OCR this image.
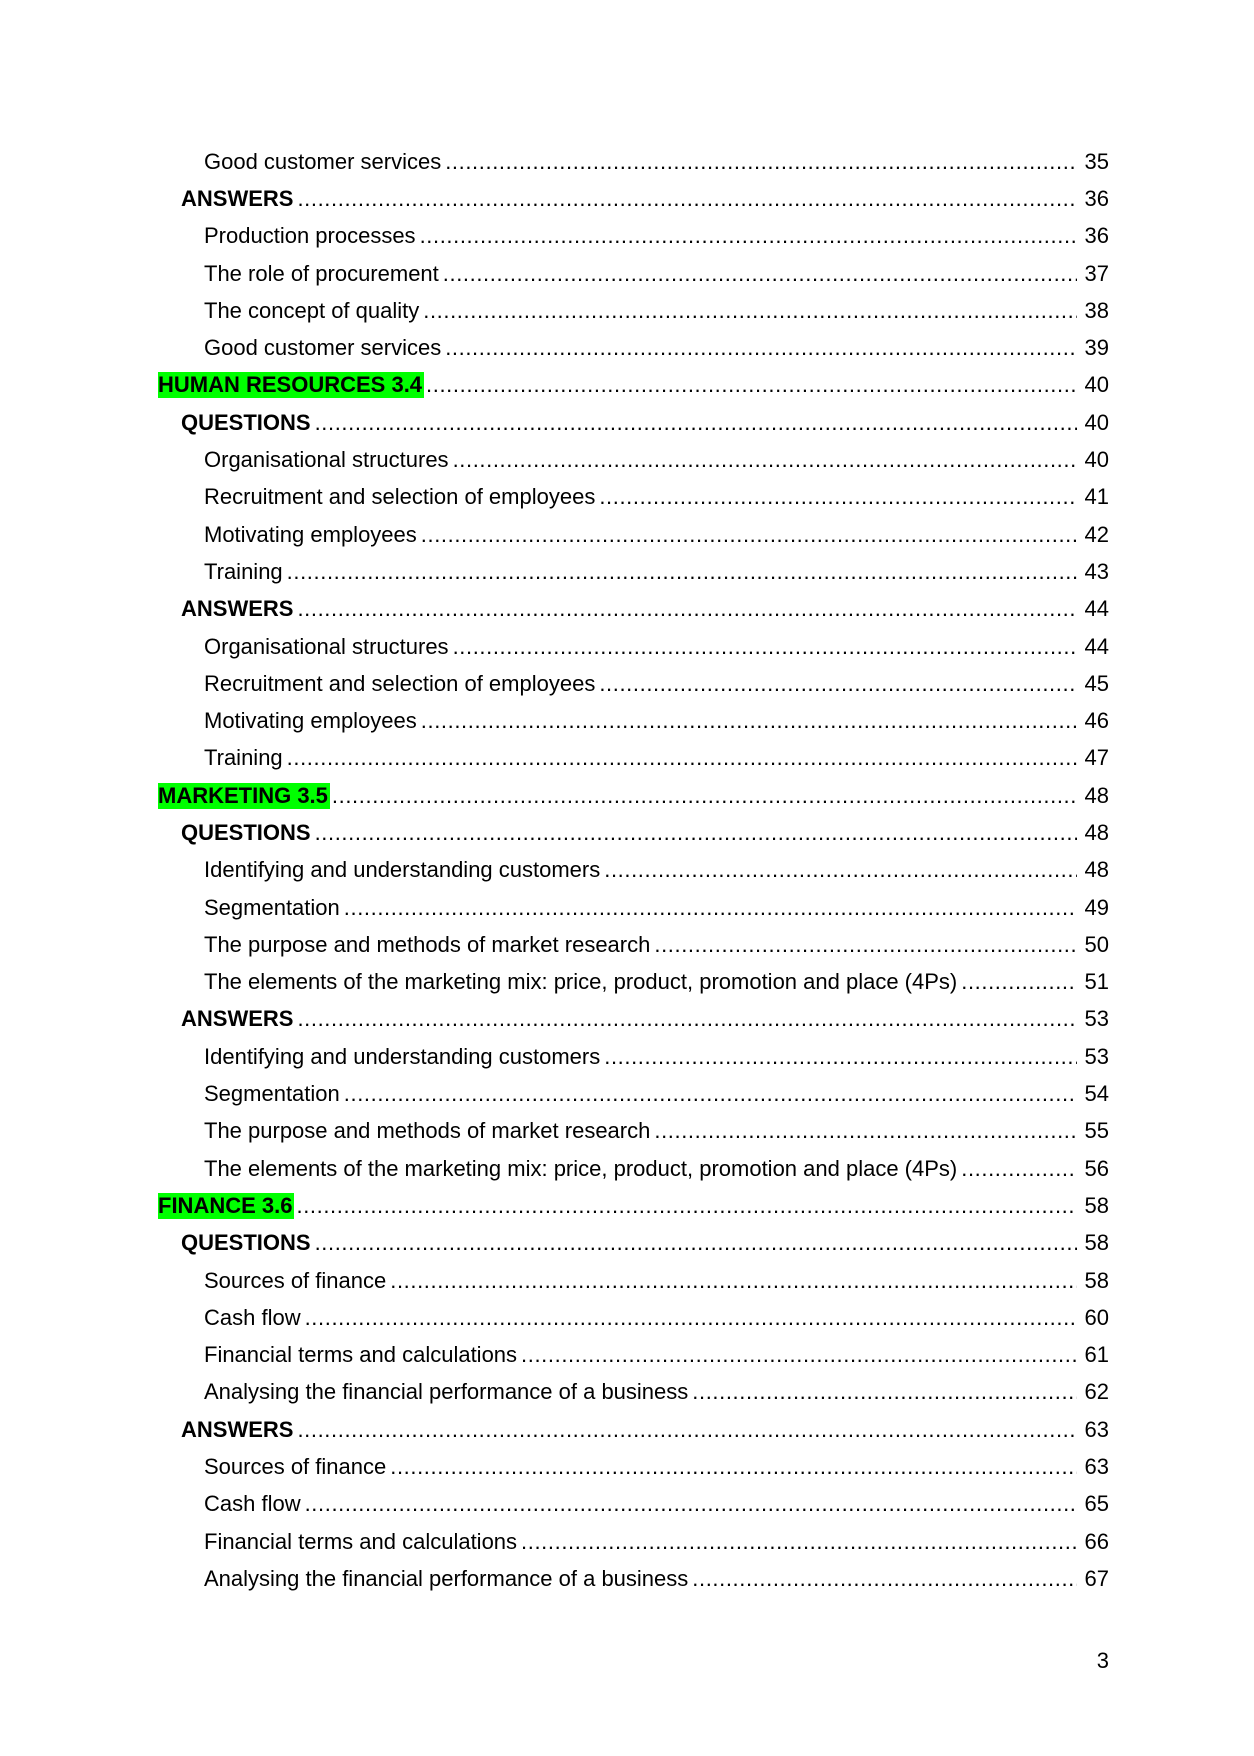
Good customer services .....	35
ANSWERS .....	36
Production processes .....	36
The role of procurement .....	37
The concept of quality .....	38
Good customer services .....	39
HUMAN RESOURCES 3.4 .....	40
QUESTIONS .....	40
Organisational structures .....	40
Recruitment and selection of employees .....	41
Motivating employees .....	42
Training .....	43
ANSWERS .....	44
Organisational structures .....	44
Recruitment and selection of employees .....	45
Motivating employees .....	46
Training .....	47
MARKETING 3.5 .....	48
QUESTIONS .....	48
Identifying and understanding customers .....	48
Segmentation .....	49
The purpose and methods of market research .....	50
The elements of the marketing mix: price, product, promotion and place (4Ps) .....	51
ANSWERS .....	53
Identifying and understanding customers .....	53
Segmentation .....	54
The purpose and methods of market research .....	55
The elements of the marketing mix: price, product, promotion and place (4Ps) .....	56
FINANCE 3.6 .....	58
QUESTIONS .....	58
Sources of finance .....	58
Cash flow .....	60
Financial terms and calculations .....	61
Analysing the financial performance of a business .....	62
ANSWERS .....	63
Sources of finance .....	63
Cash flow .....	65
Financial terms and calculations .....	66
Analysing the financial performance of a business .....	67
3
